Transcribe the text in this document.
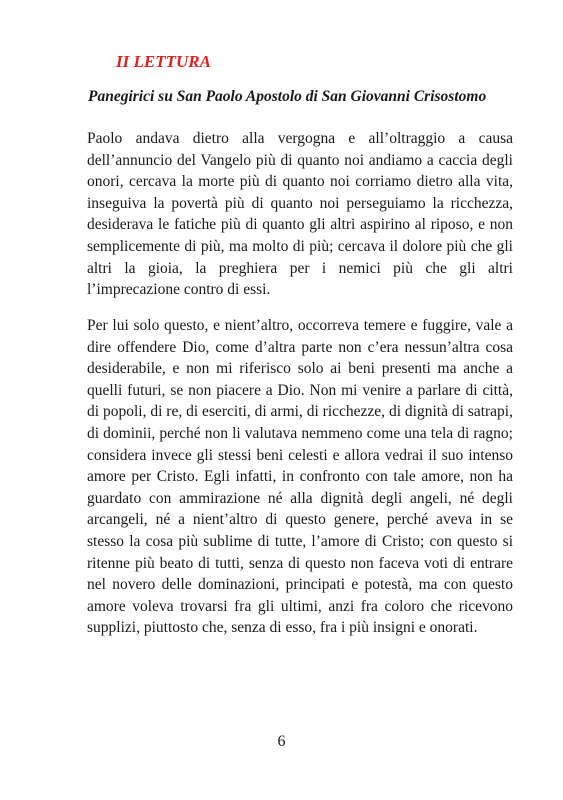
II LETTURA
Panegirici su San Paolo Apostolo di San Giovanni Crisostomo

Paolo andava dietro alla vergogna e all’oltraggio a causa dell’annuncio del Vangelo più di quanto noi andiamo a caccia degli onori, cercava la morte più di quanto noi corriamo dietro alla vita, inseguiva la povertà più di quanto noi perseguiamo la ricchezza, desiderava le fatiche più di quanto gli altri aspirino al riposo, e non semplicemente di più, ma molto di più; cercava il dolore più che gli altri la gioia, la preghiera per i nemici più che gli altri l’imprecazione contro di essi.

Per lui solo questo, e nient’altro, occorreva temere e fuggire, vale a dire offendere Dio, come d’altra parte non c’era nessun’altra cosa desiderabile, e non mi riferisco solo ai beni presenti ma anche a quelli futuri, se non piacere a Dio. Non mi venire a parlare di città, di popoli, di re, di eserciti, di armi, di ricchezze, di dignità di satrapi, di dominii, perché non li valutava nemmeno come una tela di ragno; considera invece gli stessi beni celesti e allora vedrai il suo intenso amore per Cristo. Egli infatti, in confronto con tale amore, non ha guardato con ammirazione né alla dignità degli angeli, né degli arcangeli, né a nient’altro di questo genere, perché aveva in se stesso la cosa più sublime di tutte, l’amore di Cristo; con questo si ritenne più beato di tutti, senza di questo non faceva voti di entrare nel novero delle dominazioni, principati e potestà, ma con questo amore voleva trovarsi fra gli ultimi, anzi fra coloro che ricevono supplizi, piuttosto che, senza di esso, fra i più insigni e onorati.

6
